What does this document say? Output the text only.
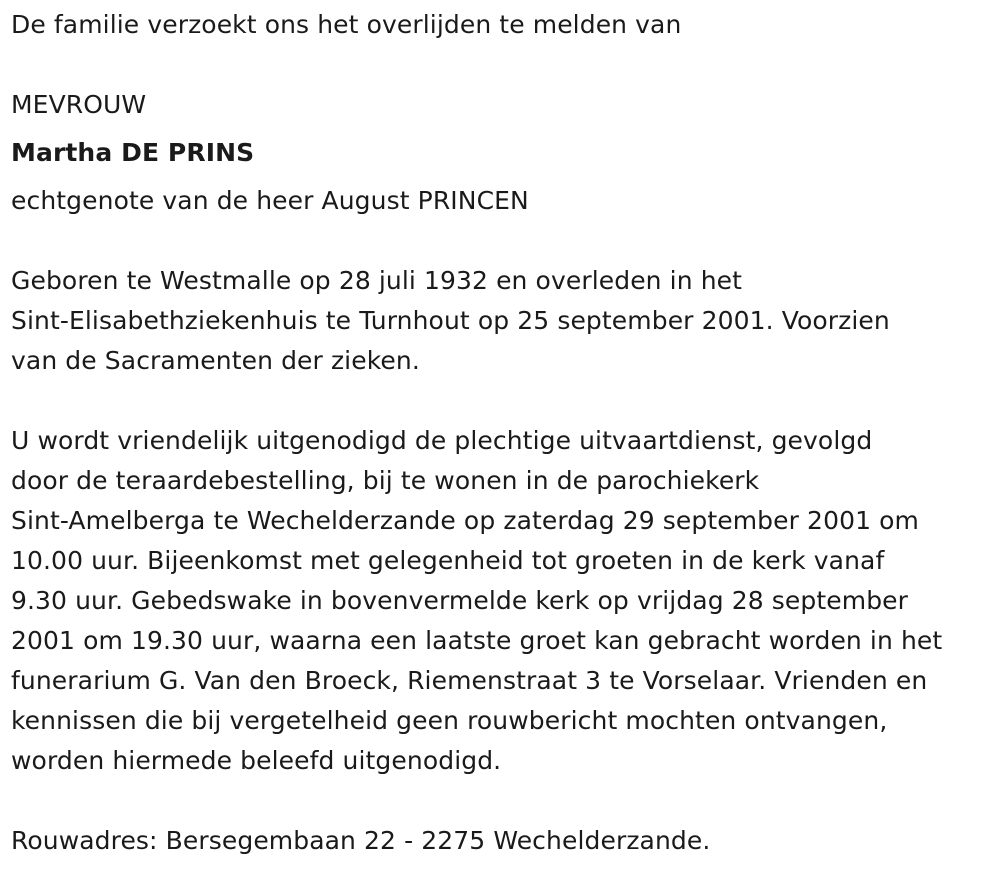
De familie verzoekt ons het overlijden te melden van
MEVROUW
Martha DE PRINS
echtgenote van de heer August PRINCEN
Geboren te Westmalle op 28 juli 1932 en overleden in het
Sint-Elisabethziekenhuis te Turnhout op 25 september 2001. Voorzien
van de Sacramenten der zieken.
U wordt vriendelijk uitgenodigd de plechtige uitvaartdienst, gevolgd
door de teraardebestelling, bij te wonen in de parochiekerk
Sint-Amelberga te Wechelderzande op zaterdag 29 september 2001 om
10.00 uur. Bijeenkomst met gelegenheid tot groeten in de kerk vanaf
9.30 uur. Gebedswake in bovenvermelde kerk op vrijdag 28 september
2001 om 19.30 uur, waarna een laatste groet kan gebracht worden in het
funerarium G. Van den Broeck, Riemenstraat 3 te Vorselaar. Vrienden en
kennissen die bij vergetelheid geen rouwbericht mochten ontvangen,
worden hiermede beleefd uitgenodigd.
Rouwadres: Bersegembaan 22 - 2275 Wechelderzande.
